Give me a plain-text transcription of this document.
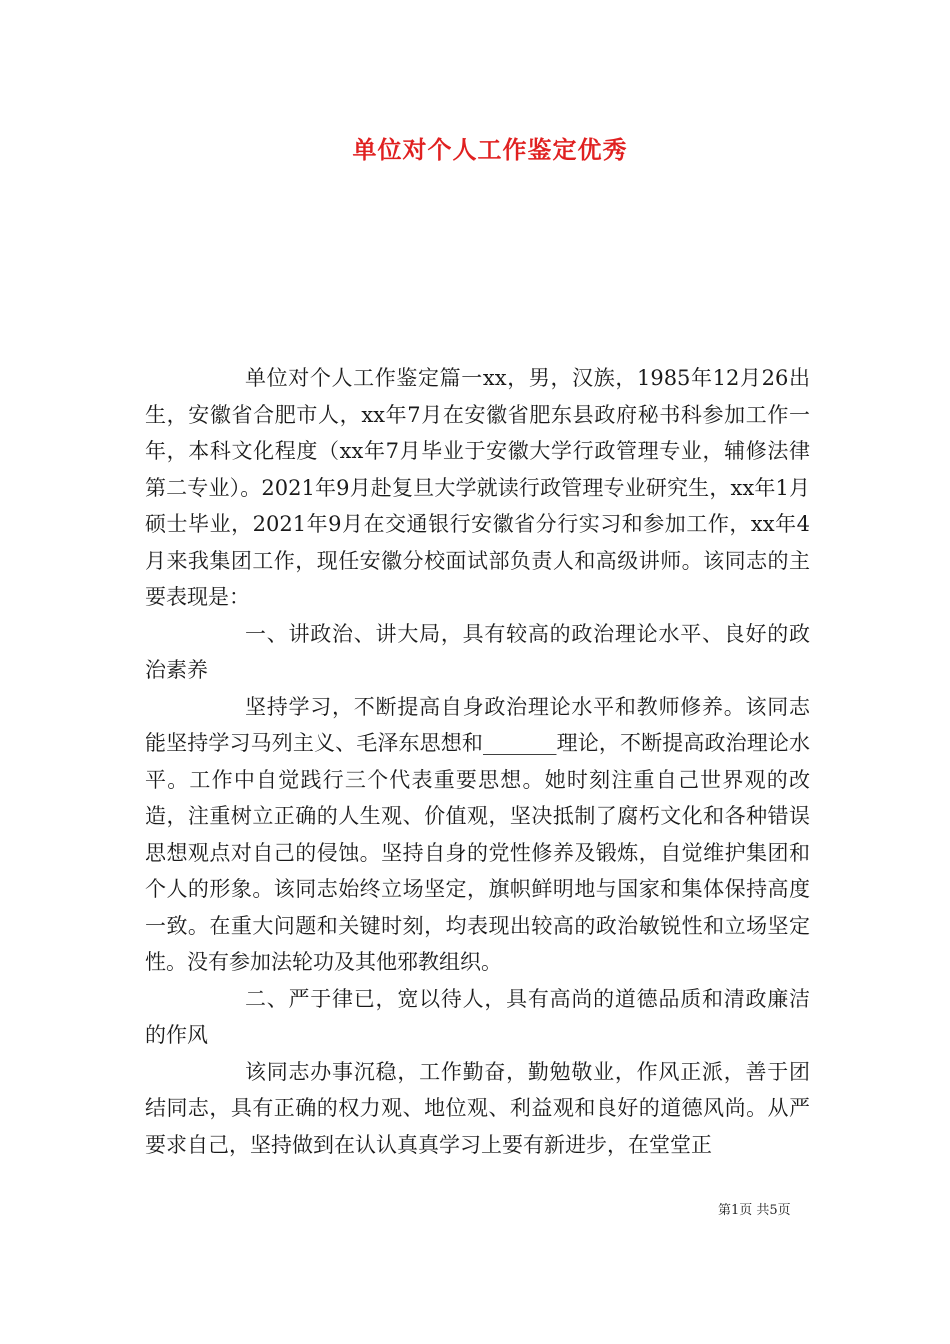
单位对个人工作鉴定优秀

单位对个人工作鉴定篇一xx，男，汉族，1985年12月26出生，安徽省合肥市人，xx年7月在安徽省肥东县政府秘书科参加工作一年，本科文化程度（xx年7月毕业于安徽大学行政管理专业，辅修法律第二专业）。2021年9月赴复旦大学就读行政管理专业研究生，xx年1月硕士毕业，2021年9月在交通银行安徽省分行实习和参加工作，xx年4月来我集团工作，现任安徽分校面试部负责人和高级讲师。该同志的主要表现是：

一、讲政治、讲大局，具有较高的政治理论水平、良好的政治素养

坚持学习，不断提高自身政治理论水平和教师修养。该同志能坚持学习马列主义、毛泽东思想和_______理论，不断提高政治理论水平。工作中自觉践行三个代表重要思想。她时刻注重自己世界观的改造，注重树立正确的人生观、价值观，坚决抵制了腐朽文化和各种错误思想观点对自己的侵蚀。坚持自身的党性修养及锻炼，自觉维护集团和个人的形象。该同志始终立场坚定，旗帜鲜明地与国家和集体保持高度一致。在重大问题和关键时刻，均表现出较高的政治敏锐性和立场坚定性。没有参加法轮功及其他邪教组织。

二、严于律已，宽以待人，具有高尚的道德品质和清政廉洁的作风

该同志办事沉稳，工作勤奋，勤勉敬业，作风正派，善于团结同志，具有正确的权力观、地位观、利益观和良好的道德风尚。从严要求自己，坚持做到在认认真真学习上要有新进步，在堂堂正

第1页 共5页
